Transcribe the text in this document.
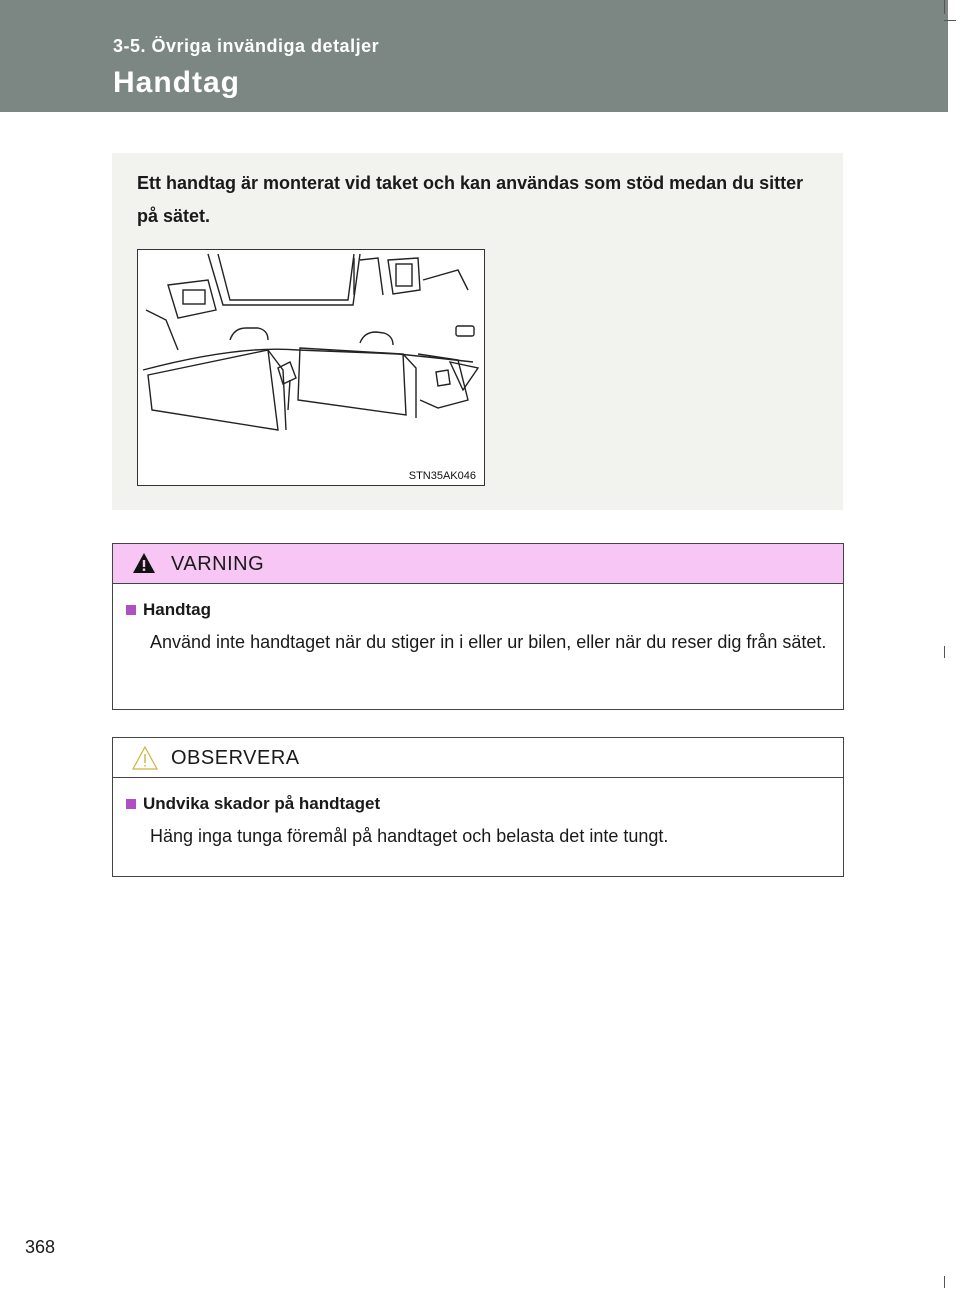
3-5. Övriga invändiga detaljer
Handtag
Ett handtag är monterat vid taket och kan användas som stöd medan du sitter på sätet.
STN35AK046
VARNING
Handtag
Använd inte handtaget när du stiger in i eller ur bilen, eller när du reser dig från sätet.
OBSERVERA
Undvika skador på handtaget
Häng inga tunga föremål på handtaget och belasta det inte tungt.
368
